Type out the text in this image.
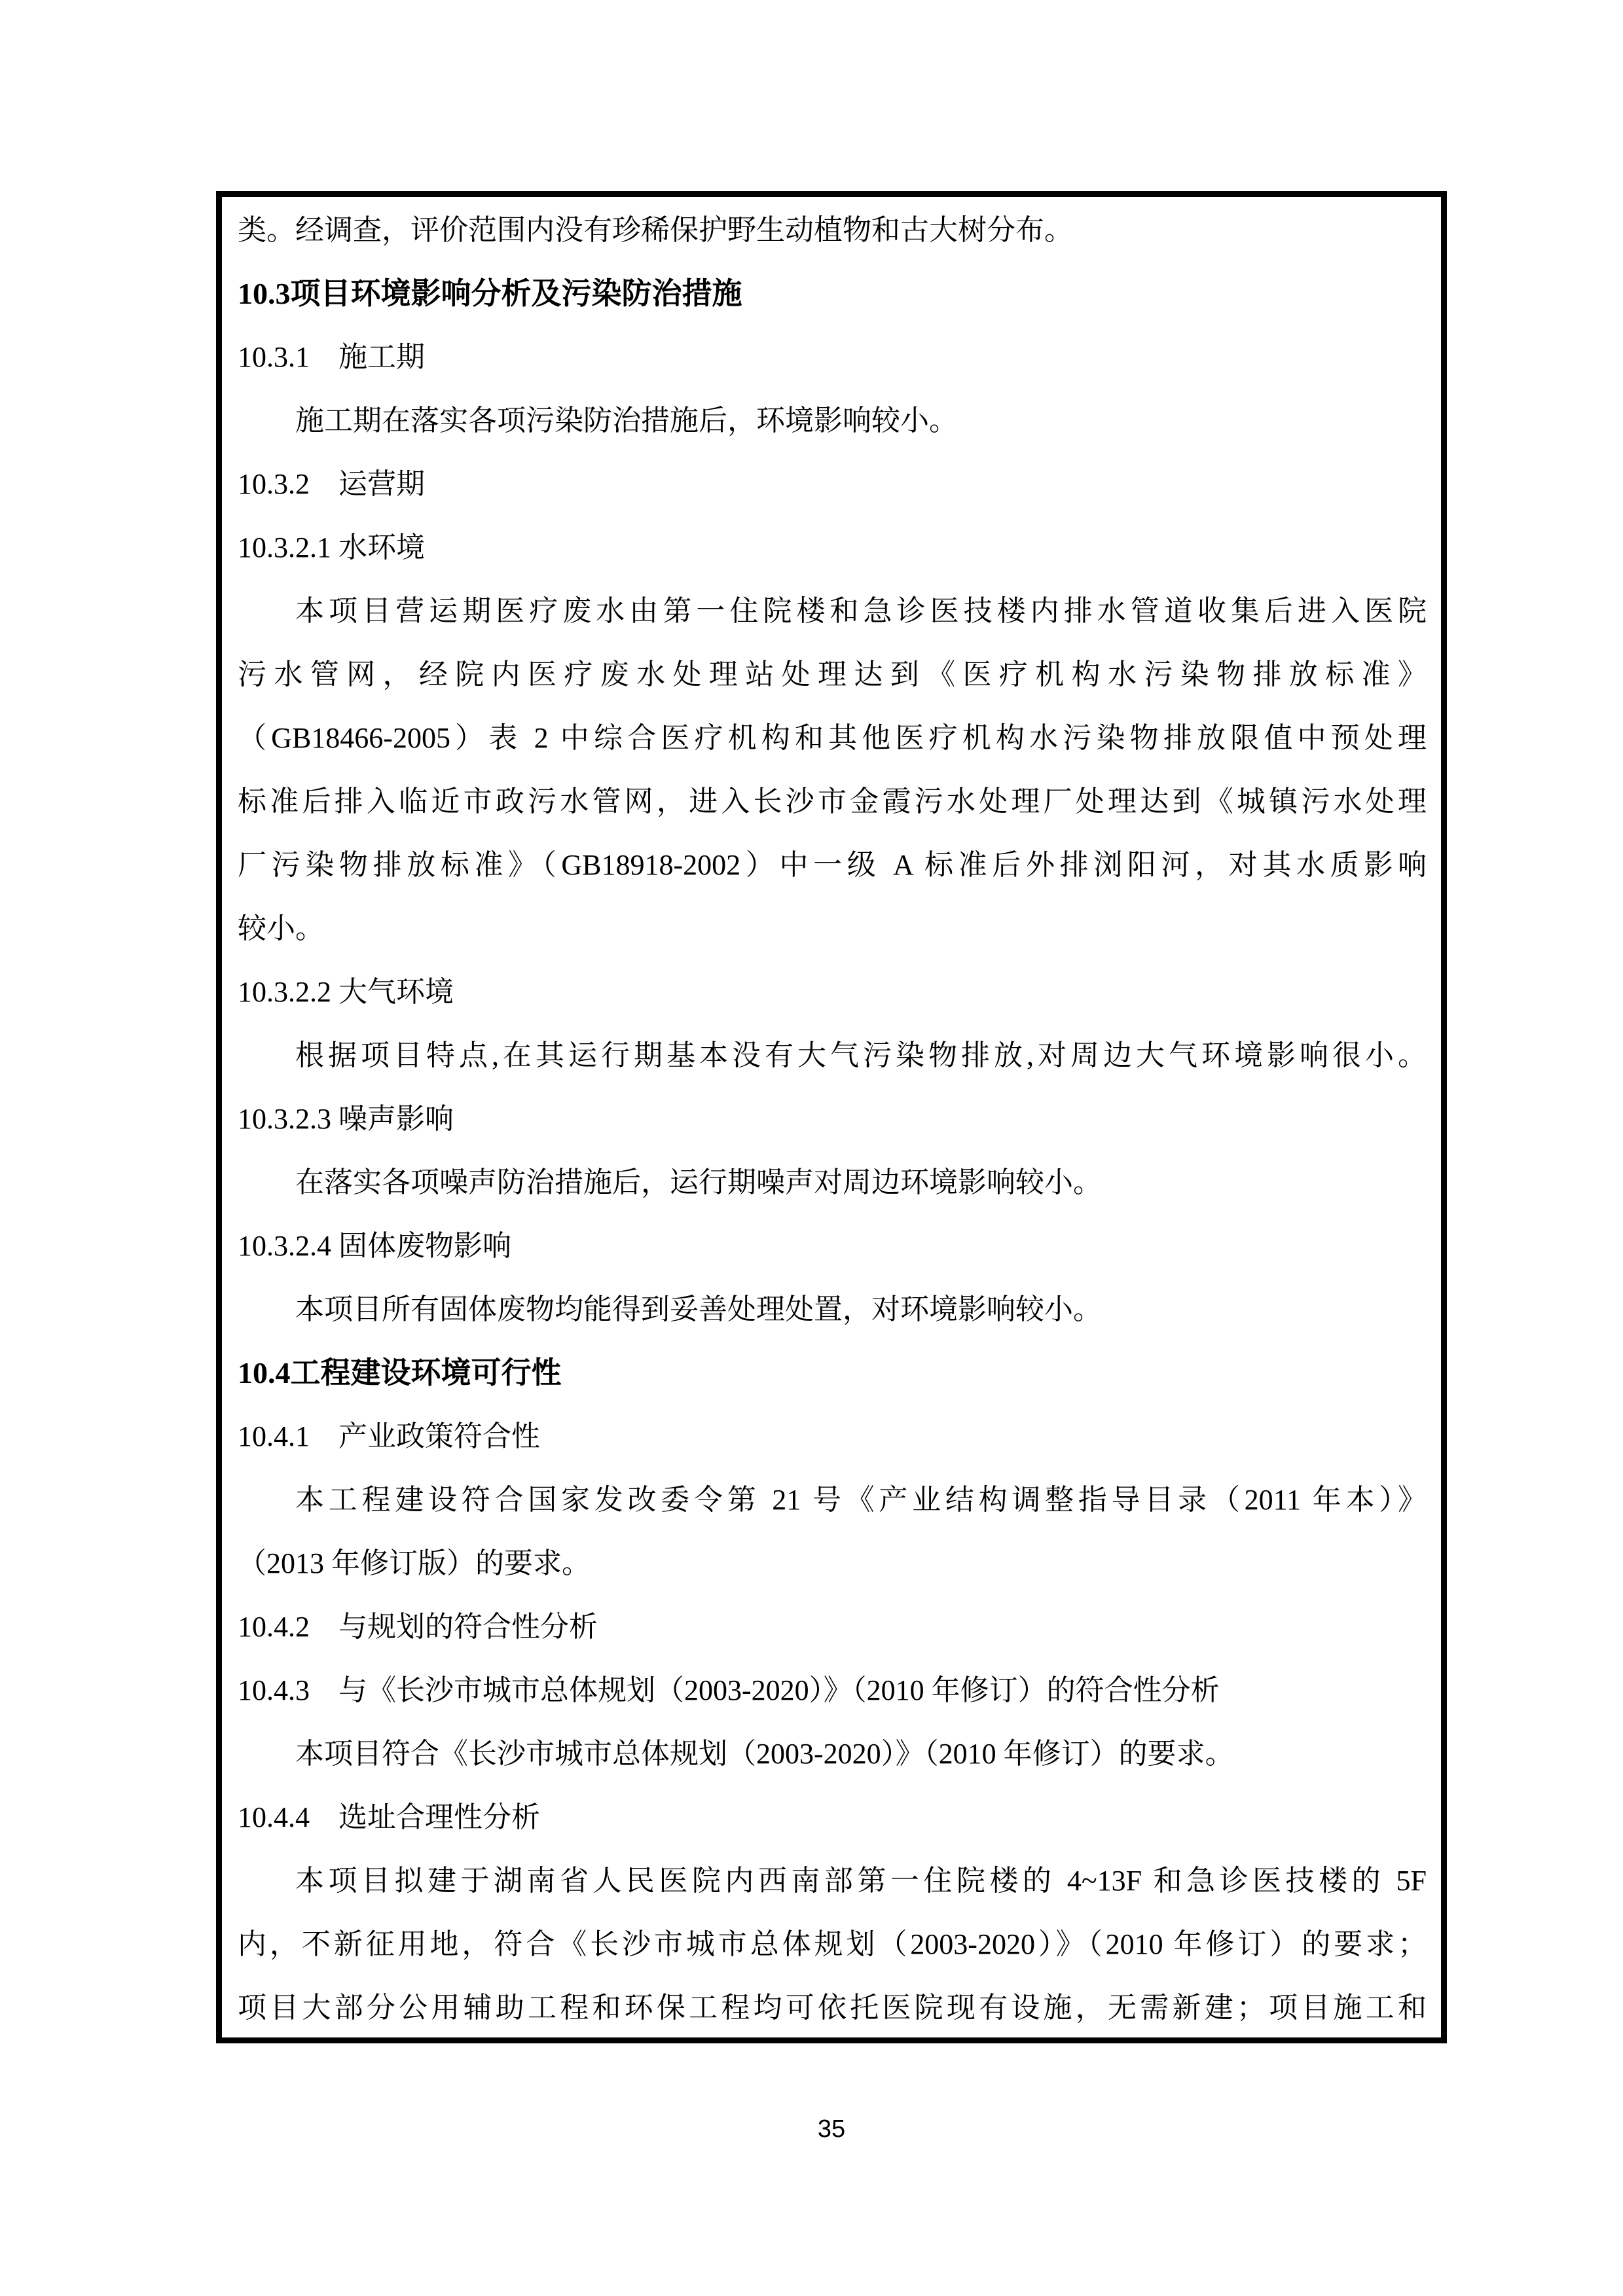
类。经调查，评价范围内没有珍稀保护野生动植物和古大树分布。
10.3项目环境影响分析及污染防治措施
10.3.1　施工期
施工期在落实各项污染防治措施后，环境影响较小。
10.3.2　运营期
10.3.2.1 水环境
本项目营运期医疗废水由第一住院楼和急诊医技楼内排水管道收集后进入医院
污水管网，经院内医疗废水处理站处理达到《医疗机构水污染物排放标准》
（GB18466-2005）表 2 中综合医疗机构和其他医疗机构水污染物排放限值中预处理
标准后排入临近市政污水管网，进入长沙市金霞污水处理厂处理达到《城镇污水处理
厂污染物排放标准》（GB18918-2002）中一级 A 标准后外排浏阳河，对其水质影响
较小。
10.3.2.2 大气环境
根据项目特点,在其运行期基本没有大气污染物排放,对周边大气环境影响很小。
10.3.2.3 噪声影响
在落实各项噪声防治措施后，运行期噪声对周边环境影响较小。
10.3.2.4 固体废物影响
本项目所有固体废物均能得到妥善处理处置，对环境影响较小。
10.4工程建设环境可行性
10.4.1　产业政策符合性
本工程建设符合国家发改委令第 21 号《产业结构调整指导目录（2011 年本）》
（2013 年修订版）的要求。
10.4.2　与规划的符合性分析
10.4.3　与《长沙市城市总体规划（2003-2020）》（2010 年修订）的符合性分析
本项目符合《长沙市城市总体规划（2003-2020）》（2010 年修订）的要求。
10.4.4　选址合理性分析
本项目拟建于湖南省人民医院内西南部第一住院楼的 4~13F 和急诊医技楼的 5F
内，不新征用地，符合《长沙市城市总体规划（2003-2020）》（2010 年修订）的要求；
项目大部分公用辅助工程和环保工程均可依托医院现有设施，无需新建；项目施工和
35
